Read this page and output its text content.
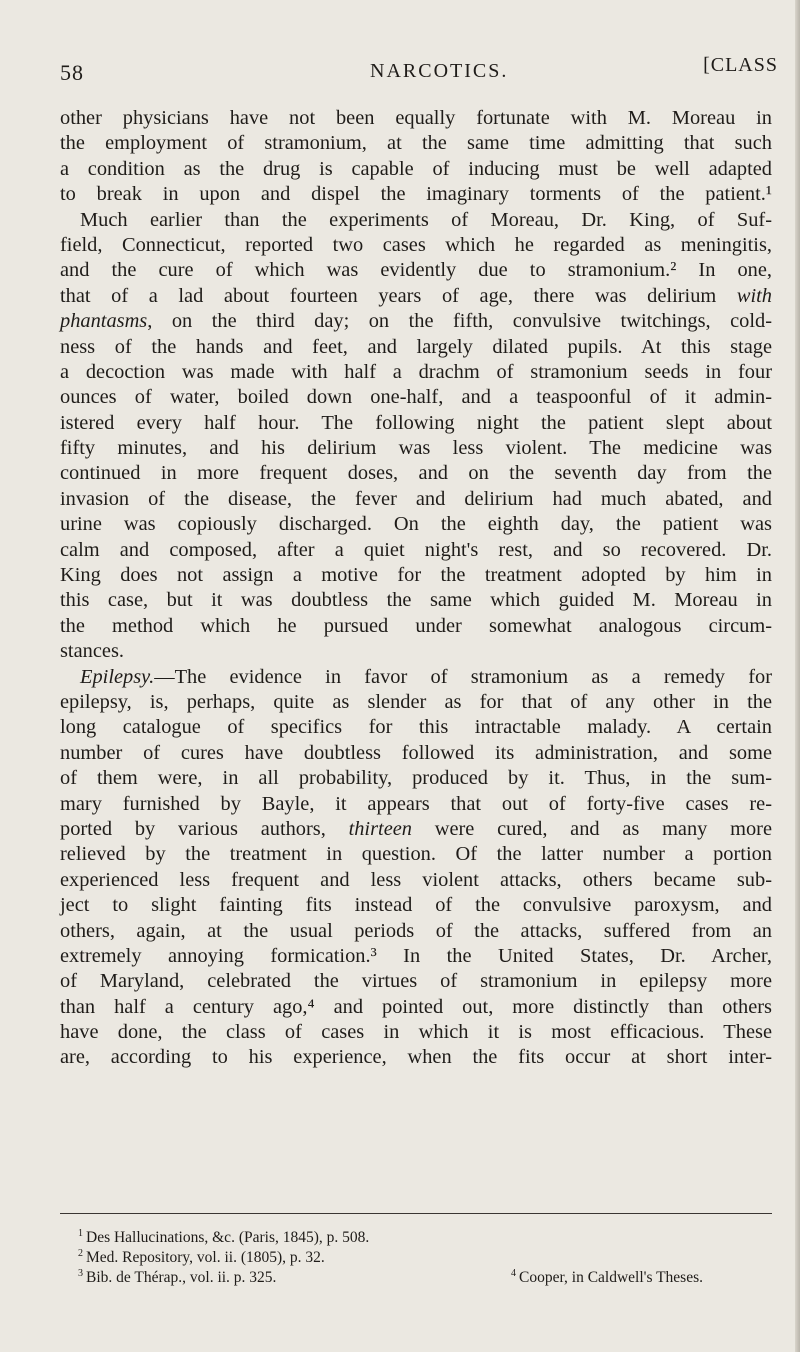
58	NARCOTICS.	[CLASS
other physicians have not been equally fortunate with M. Moreau in
the employment of stramonium, at the same time admitting that such
a condition as the drug is capable of inducing must be well adapted
to break in upon and dispel the imaginary torments of the patient.¹
Much earlier than the experiments of Moreau, Dr. King, of Suf-
field, Connecticut, reported two cases which he regarded as meningitis,
and the cure of which was evidently due to stramonium.² In one,
that of a lad about fourteen years of age, there was delirium with
phantasms, on the third day; on the fifth, convulsive twitchings, cold-
ness of the hands and feet, and largely dilated pupils. At this stage
a decoction was made with half a drachm of stramonium seeds in four
ounces of water, boiled down one-half, and a teaspoonful of it admin-
istered every half hour. The following night the patient slept about
fifty minutes, and his delirium was less violent. The medicine was
continued in more frequent doses, and on the seventh day from the
invasion of the disease, the fever and delirium had much abated, and
urine was copiously discharged. On the eighth day, the patient was
calm and composed, after a quiet night's rest, and so recovered. Dr.
King does not assign a motive for the treatment adopted by him in
this case, but it was doubtless the same which guided M. Moreau in
the method which he pursued under somewhat analogous circum-
stances.
Epilepsy.—The evidence in favor of stramonium as a remedy for
epilepsy, is, perhaps, quite as slender as for that of any other in the
long catalogue of specifics for this intractable malady. A certain
number of cures have doubtless followed its administration, and some
of them were, in all probability, produced by it. Thus, in the sum-
mary furnished by Bayle, it appears that out of forty-five cases re-
ported by various authors, thirteen were cured, and as many more
relieved by the treatment in question. Of the latter number a portion
experienced less frequent and less violent attacks, others became sub-
ject to slight fainting fits instead of the convulsive paroxysm, and
others, again, at the usual periods of the attacks, suffered from an
extremely annoying formication.³ In the United States, Dr. Archer,
of Maryland, celebrated the virtues of stramonium in epilepsy more
than half a century ago,⁴ and pointed out, more distinctly than others
have done, the class of cases in which it is most efficacious. These
are, according to his experience, when the fits occur at short inter-
$^1$ Des Hallucinations, &c. (Paris, 1845), p. 508.
$^2$ Med. Repository, vol. ii. (1805), p. 32.
$^3$ Bib. de Thérap., vol. ii. p. 325.	$^4$ Cooper, in Caldwell's Theses.
